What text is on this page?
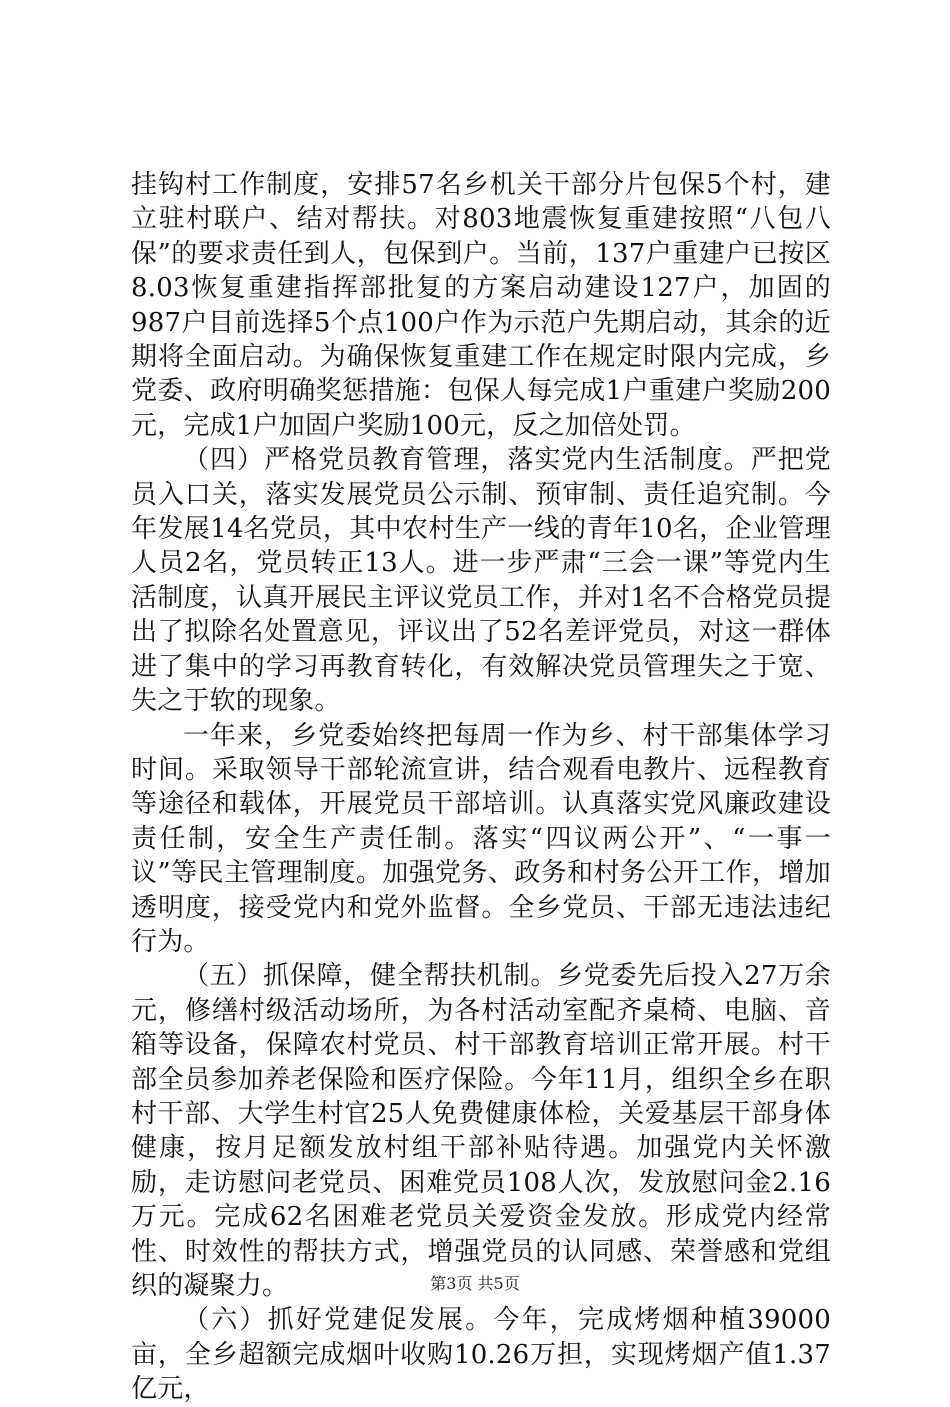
挂钩村工作制度，安排57名乡机关干部分片包保5个村，建立驻村联户、结对帮扶。对803地震恢复重建按照“八包八保”的要求责任到人，包保到户。当前，137户重建户已按区8.03恢复重建指挥部批复的方案启动建设127户，加固的987户目前选择5个点100户作为示范户先期启动，其余的近期将全面启动。为确保恢复重建工作在规定时限内完成，乡党委、政府明确奖惩措施：包保人每完成1户重建户奖励200元，完成1户加固户奖励100元，反之加倍处罚。

（四）严格党员教育管理，落实党内生活制度。严把党员入口关，落实发展党员公示制、预审制、责任追究制。今年发展14名党员，其中农村生产一线的青年10名，企业管理人员2名，党员转正13人。进一步严肃“三会一课”等党内生活制度，认真开展民主评议党员工作，并对1名不合格党员提出了拟除名处置意见，评议出了52名差评党员，对这一群体进了集中的学习再教育转化，有效解决党员管理失之于宽、失之于软的现象。

一年来，乡党委始终把每周一作为乡、村干部集体学习时间。采取领导干部轮流宣讲，结合观看电教片、远程教育等途径和载体，开展党员干部培训。认真落实党风廉政建设责任制，安全生产责任制。落实“四议两公开”、“一事一议”等民主管理制度。加强党务、政务和村务公开工作，增加透明度，接受党内和党外监督。全乡党员、干部无违法违纪行为。

（五）抓保障，健全帮扶机制。乡党委先后投入27万余元，修缮村级活动场所，为各村活动室配齐桌椅、电脑、音箱等设备，保障农村党员、村干部教育培训正常开展。村干部全员参加养老保险和医疗保险。今年11月，组织全乡在职村干部、大学生村官25人免费健康体检，关爱基层干部身体健康，按月足额发放村组干部补贴待遇。加强党内关怀激励，走访慰问老党员、困难党员108人次，发放慰问金2.16万元。完成62名困难老党员关爱资金发放。形成党内经常性、时效性的帮扶方式，增强党员的认同感、荣誉感和党组织的凝聚力。

（六）抓好党建促发展。今年，完成烤烟种植39000亩，全乡超额完成烟叶收购10.26万担，实现烤烟产值1.37亿元，

第3页 共5页
